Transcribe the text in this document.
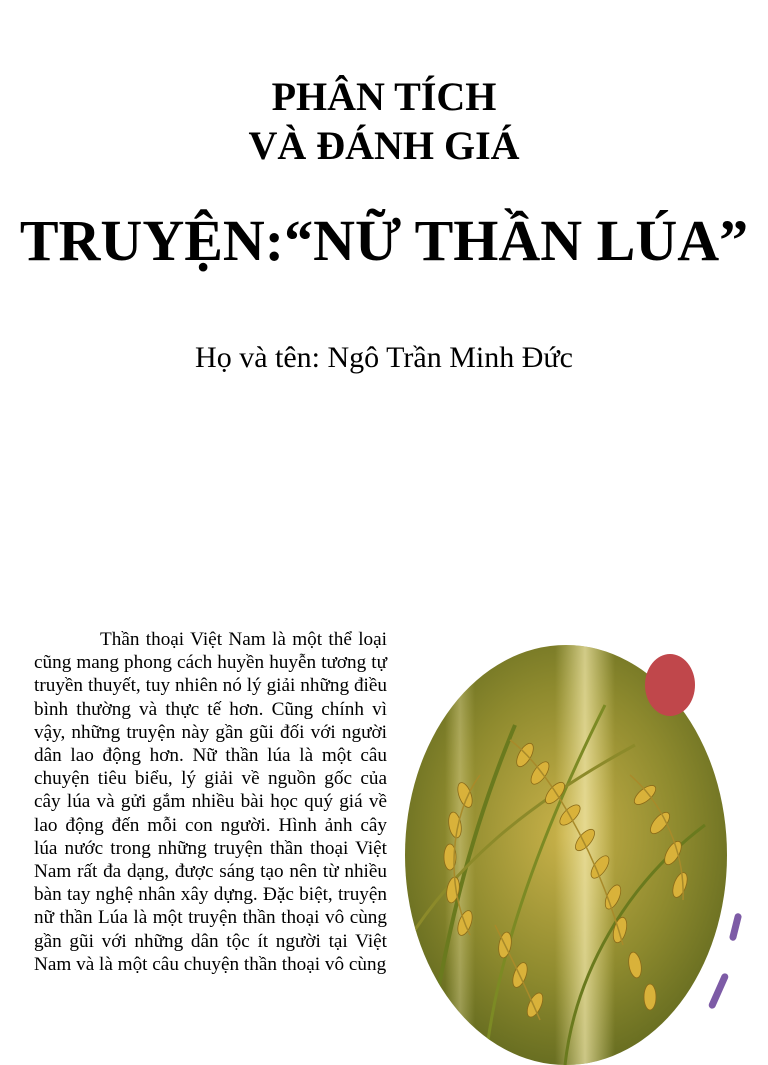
PHÂN TÍCH
VÀ ĐÁNH GIÁ
TRUYỆN:“NỮ THẦN LÚA”
Họ và tên: Ngô Trần Minh Đức
Thần thoại Việt Nam là một thể loại cũng mang phong cách huyền huyễn tương tự truyền thuyết, tuy nhiên nó lý giải những điều bình thường và thực tế hơn. Cũng chính vì vậy, những truyện này gần gũi đối với người dân lao động hơn. Nữ thần lúa là một câu chuyện tiêu biểu, lý giải về nguồn gốc của cây lúa và gửi gắm nhiều bài học quý giá về lao động đến mỗi con người. Hình ảnh cây lúa nước trong những truyện thần thoại Việt Nam rất đa dạng, được sáng tạo nên từ nhiều bàn tay nghệ nhân xây dựng. Đặc biệt, truyện nữ thần Lúa là một truyện thần thoại vô cùng gần gũi với những dân tộc ít người tại Việt Nam và là một câu chuyện thần thoại vô cùng
